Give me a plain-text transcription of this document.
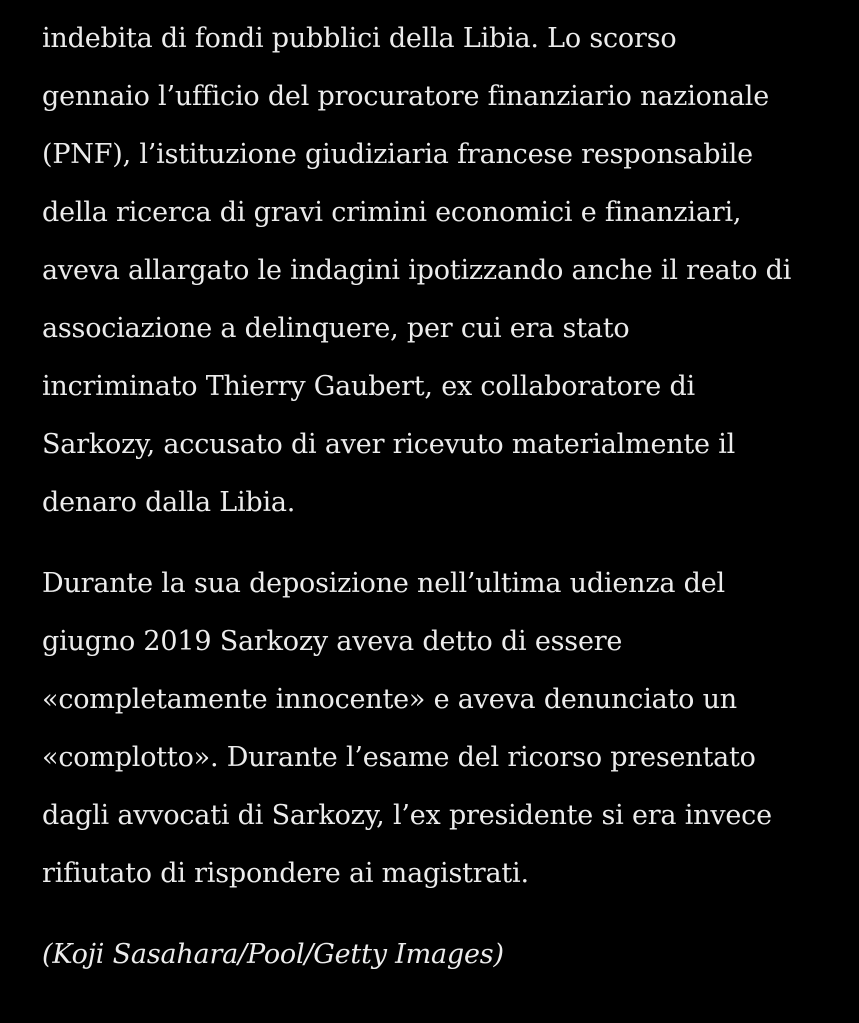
indebita di fondi pubblici della Libia. Lo scorso
gennaio l’ufficio del procuratore finanziario nazionale
(PNF), l’istituzione giudiziaria francese responsabile
della ricerca di gravi crimini economici e finanziari,
aveva allargato le indagini ipotizzando anche il reato di
associazione a delinquere, per cui era stato
incriminato Thierry Gaubert, ex collaboratore di
Sarkozy, accusato di aver ricevuto materialmente il
denaro dalla Libia.

Durante la sua deposizione nell’ultima udienza del
giugno 2019 Sarkozy aveva detto di essere
«completamente innocente» e aveva denunciato un
«complotto». Durante l’esame del ricorso presentato
dagli avvocati di Sarkozy, l’ex presidente si era invece
rifiutato di rispondere ai magistrati.

(Koji Sasahara/Pool/Getty Images)
